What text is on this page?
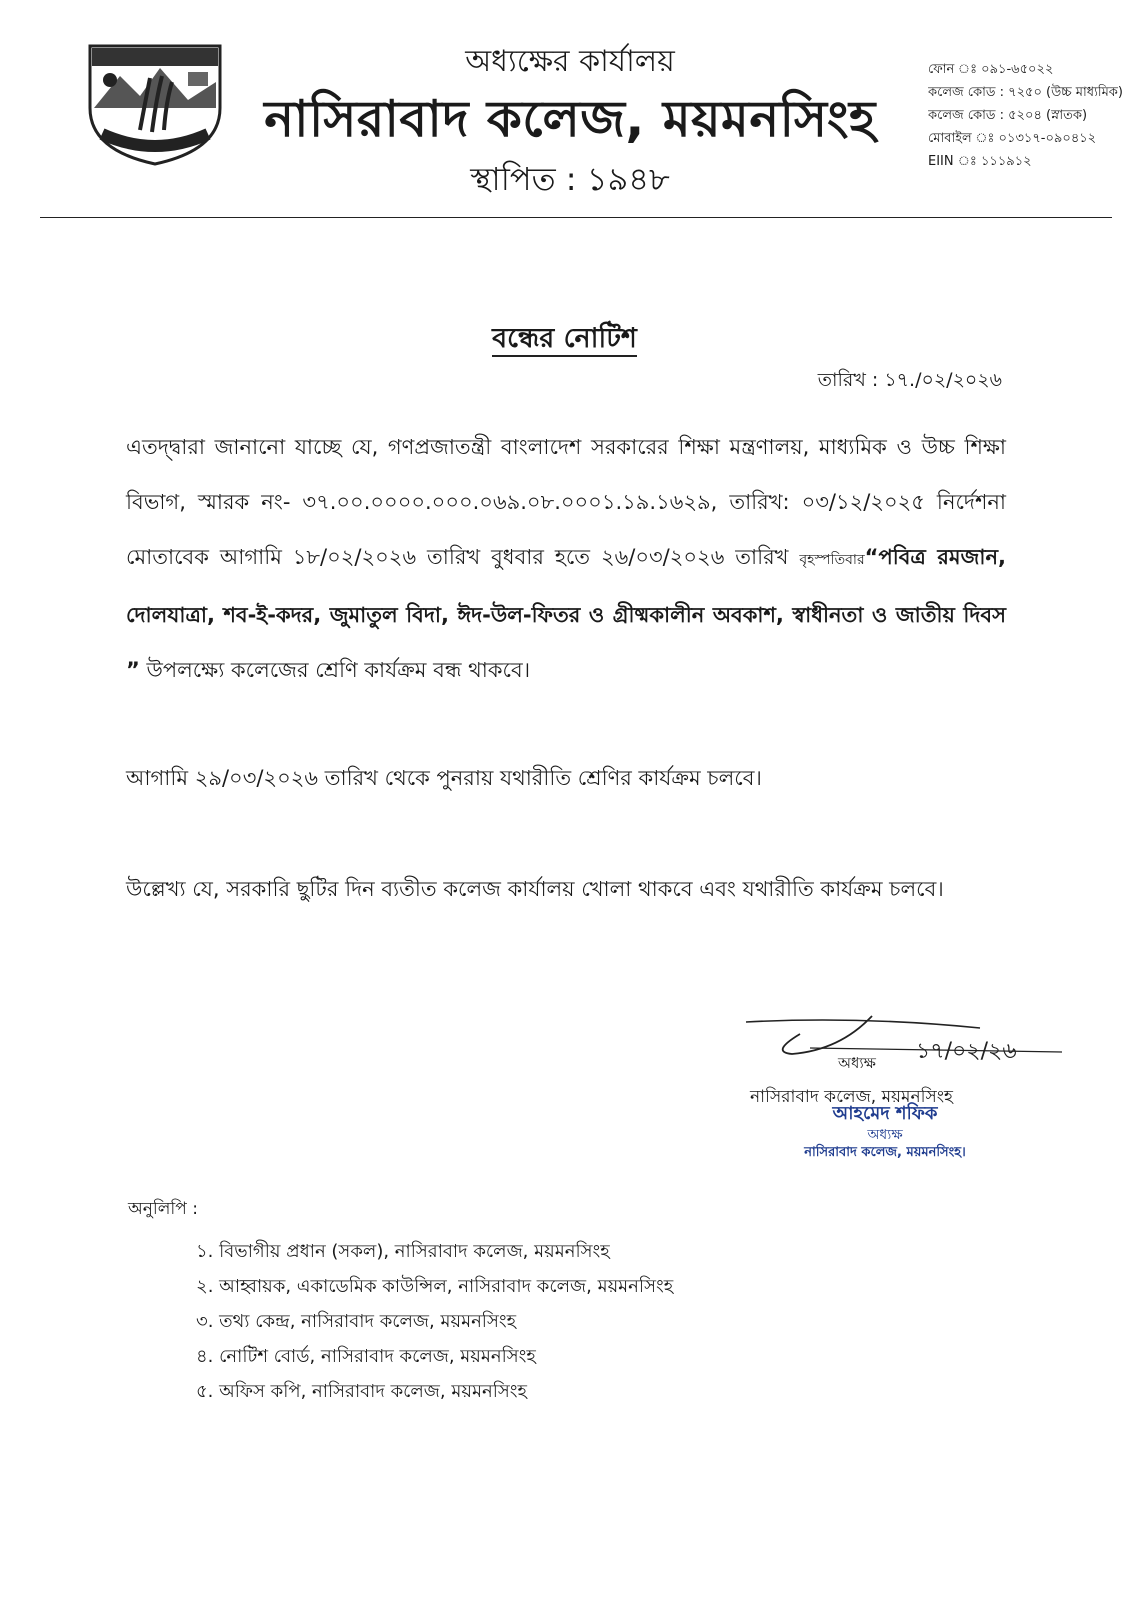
অধ্যক্ষের কার্যালয়
নাসিরাবাদ কলেজ, ময়মনসিংহ
স্থাপিত : ১৯৪৮
ফোন ঃ ০৯১-৬৫০২২
কলেজ কোড : ৭২৫০ (উচ্চ মাধ্যমিক)
কলেজ কোড : ৫২০৪ (স্নাতক)
মোবাইল ঃ ০১৩১৭-০৯০৪১২
EIIN ঃ ১১১৯১২
বন্ধের নোটিশ
তারিখ : ১৭./০২/২০২৬
এতদ্দ্বারা জানানো যাচ্ছে যে, গণপ্রজাতন্ত্রী বাংলাদেশ সরকারের শিক্ষা মন্ত্রণালয়, মাধ্যমিক ও উচ্চ শিক্ষা বিভাগ, স্মারক নং- ৩৭.০০.০০০০.০০০.০৬৯.০৮.০০০১.১৯.১৬২৯, তারিখ: ০৩/১২/২০২৫ নির্দেশনা মোতাবেক আগামি ১৮/০২/২০২৬ তারিখ বুধবার হতে ২৬/০৩/২০২৬ তারিখ বৃহস্পতিবার“পবিত্র রমজান, দোলযাত্রা, শব-ই-কদর, জুমাতুল বিদা, ঈদ-উল-ফিতর ও গ্রীষ্মকালীন অবকাশ, স্বাধীনতা ও জাতীয় দিবস ” উপলক্ষ্যে কলেজের শ্রেণি কার্যক্রম বন্ধ থাকবে।
আগামি ২৯/০৩/২০২৬ তারিখ থেকে পুনরায় যথারীতি শ্রেণির কার্যক্রম চলবে।
উল্লেখ্য যে, সরকারি ছুটির দিন ব্যতীত কলেজ কার্যালয় খোলা থাকবে এবং যথারীতি কার্যক্রম চলবে।
১৭/০২/২৬
অধ্যক্ষ
নাসিরাবাদ কলেজ, ময়মনসিংহ
আহমেদ শফিক
অধ্যক্ষ
নাসিরাবাদ কলেজ, ময়মনসিংহ।
অনুলিপি :
১. বিভাগীয় প্রধান (সকল), নাসিরাবাদ কলেজ, ময়মনসিংহ
২. আহ্বায়ক, একাডেমিক কাউন্সিল, নাসিরাবাদ কলেজ, ময়মনসিংহ
৩. তথ্য কেন্দ্র, নাসিরাবাদ কলেজ, ময়মনসিংহ
৪. নোটিশ বোর্ড, নাসিরাবাদ কলেজ, ময়মনসিংহ
৫. অফিস কপি, নাসিরাবাদ কলেজ, ময়মনসিংহ
